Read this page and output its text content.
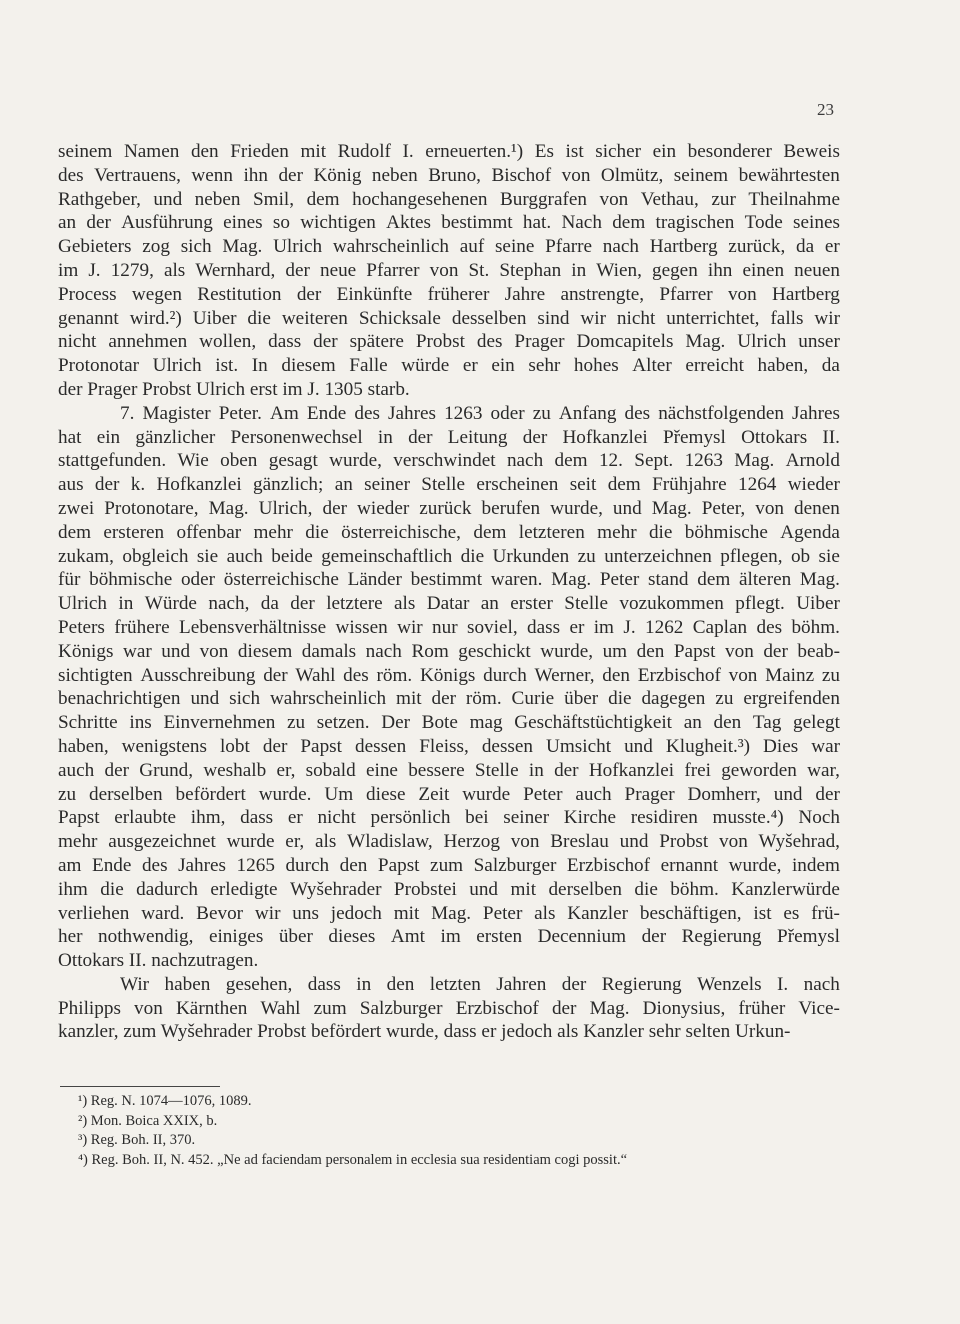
23
seinem Namen den Frieden mit Rudolf I. erneuerten.¹) Es ist sicher ein besonderer Beweis
des Vertrauens, wenn ihn der König neben Bruno, Bischof von Olmütz, seinem bewährtesten
Rathgeber, und neben Smil, dem hochangesehenen Burggrafen von Vethau, zur Theilnahme
an der Ausführung eines so wichtigen Aktes bestimmt hat. Nach dem tragischen Tode seines
Gebieters zog sich Mag. Ulrich wahrscheinlich auf seine Pfarre nach Hartberg zurück, da er
im J. 1279, als Wernhard, der neue Pfarrer von St. Stephan in Wien, gegen ihn einen neuen
Process wegen Restitution der Einkünfte früherer Jahre anstrengte, Pfarrer von Hartberg
genannt wird.²) Uiber die weiteren Schicksale desselben sind wir nicht unterrichtet, falls wir
nicht annehmen wollen, dass der spätere Probst des Prager Domcapitels Mag. Ulrich unser
Protonotar Ulrich ist. In diesem Falle würde er ein sehr hohes Alter erreicht haben, da
der Prager Probst Ulrich erst im J. 1305 starb.
7. Magister Peter. Am Ende des Jahres 1263 oder zu Anfang des nächstfolgenden Jahres
hat ein gänzlicher Personenwechsel in der Leitung der Hofkanzlei Přemysl Ottokars II.
stattgefunden. Wie oben gesagt wurde, verschwindet nach dem 12. Sept. 1263 Mag. Arnold
aus der k. Hofkanzlei gänzlich; an seiner Stelle erscheinen seit dem Frühjahre 1264 wieder
zwei Protonotare, Mag. Ulrich, der wieder zurück berufen wurde, und Mag. Peter, von denen
dem ersteren offenbar mehr die österreichische, dem letzteren mehr die böhmische Agenda
zukam, obgleich sie auch beide gemeinschaftlich die Urkunden zu unterzeichnen pflegen, ob sie
für böhmische oder österreichische Länder bestimmt waren. Mag. Peter stand dem älteren Mag.
Ulrich in Würde nach, da der letztere als Datar an erster Stelle vozukommen pflegt. Uiber
Peters frühere Lebensverhältnisse wissen wir nur soviel, dass er im J. 1262 Caplan des böhm.
Königs war und von diesem damals nach Rom geschickt wurde, um den Papst von der beab-
sichtigten Ausschreibung der Wahl des röm. Königs durch Werner, den Erzbischof von Mainz zu
benachrichtigen und sich wahrscheinlich mit der röm. Curie über die dagegen zu ergreifenden
Schritte ins Einvernehmen zu setzen. Der Bote mag Geschäftstüchtigkeit an den Tag gelegt
haben, wenigstens lobt der Papst dessen Fleiss, dessen Umsicht und Klugheit.³) Dies war
auch der Grund, weshalb er, sobald eine bessere Stelle in der Hofkanzlei frei geworden war,
zu derselben befördert wurde. Um diese Zeit wurde Peter auch Prager Domherr, und der
Papst erlaubte ihm, dass er nicht persönlich bei seiner Kirche residiren musste.⁴) Noch
mehr ausgezeichnet wurde er, als Wladislaw, Herzog von Breslau und Probst von Wyšehrad,
am Ende des Jahres 1265 durch den Papst zum Salzburger Erzbischof ernannt wurde, indem
ihm die dadurch erledigte Wyšehrader Probstei und mit derselben die böhm. Kanzlerwürde
verliehen ward. Bevor wir uns jedoch mit Mag. Peter als Kanzler beschäftigen, ist es frü-
her nothwendig, einiges über dieses Amt im ersten Decennium der Regierung Přemysl
Ottokars II. nachzutragen.
Wir haben gesehen, dass in den letzten Jahren der Regierung Wenzels I. nach
Philipps von Kärnthen Wahl zum Salzburger Erzbischof der Mag. Dionysius, früher Vice-
kanzler, zum Wyšehrader Probst befördert wurde, dass er jedoch als Kanzler sehr selten Urkun-
¹) Reg. N. 1074—1076, 1089.
²) Mon. Boica XXIX, b.
³) Reg. Boh. II, 370.
⁴) Reg. Boh. II, N. 452. „Ne ad faciendam personalem in ecclesia sua residentiam cogi possit.“
